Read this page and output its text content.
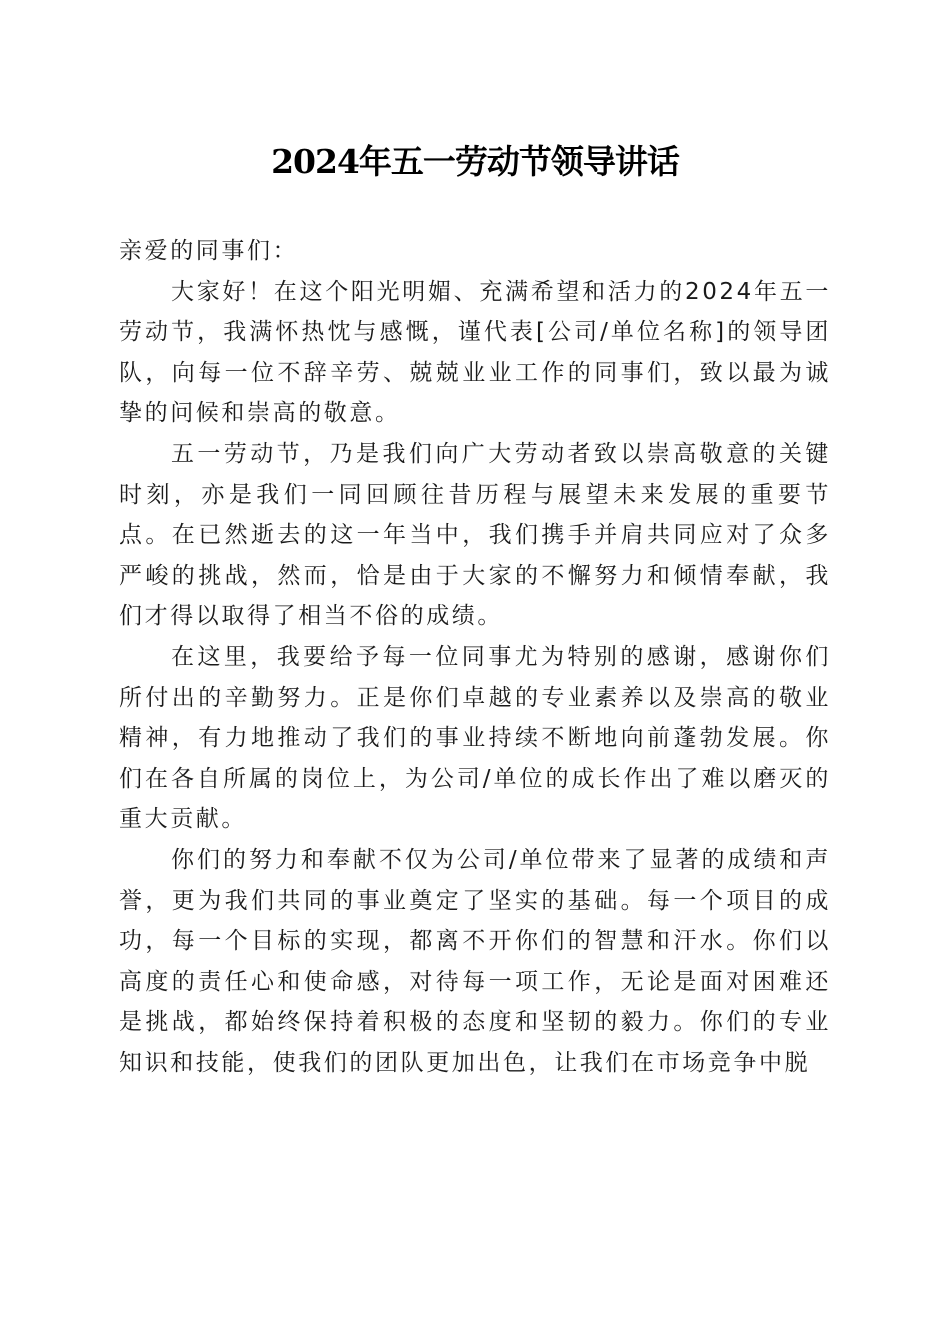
2024年五一劳动节领导讲话

亲爱的同事们：

大家好！在这个阳光明媚、充满希望和活力的2024年五一劳动节，我满怀热忱与感慨，谨代表[公司/单位名称]的领导团队，向每一位不辞辛劳、兢兢业业工作的同事们，致以最为诚挚的问候和崇高的敬意。

五一劳动节，乃是我们向广大劳动者致以崇高敬意的关键时刻，亦是我们一同回顾往昔历程与展望未来发展的重要节点。在已然逝去的这一年当中，我们携手并肩共同应对了众多严峻的挑战，然而，恰是由于大家的不懈努力和倾情奉献，我们才得以取得了相当不俗的成绩。

在这里，我要给予每一位同事尤为特别的感谢，感谢你们所付出的辛勤努力。正是你们卓越的专业素养以及崇高的敬业精神，有力地推动了我们的事业持续不断地向前蓬勃发展。你们在各自所属的岗位上，为公司/单位的成长作出了难以磨灭的重大贡献。

你们的努力和奉献不仅为公司/单位带来了显著的成绩和声誉，更为我们共同的事业奠定了坚实的基础。每一个项目的成功，每一个目标的实现，都离不开你们的智慧和汗水。你们以高度的责任心和使命感，对待每一项工作，无论是面对困难还是挑战，都始终保持着积极的态度和坚韧的毅力。你们的专业知识和技能，使我们的团队更加出色，让我们在市场竞争中脱
